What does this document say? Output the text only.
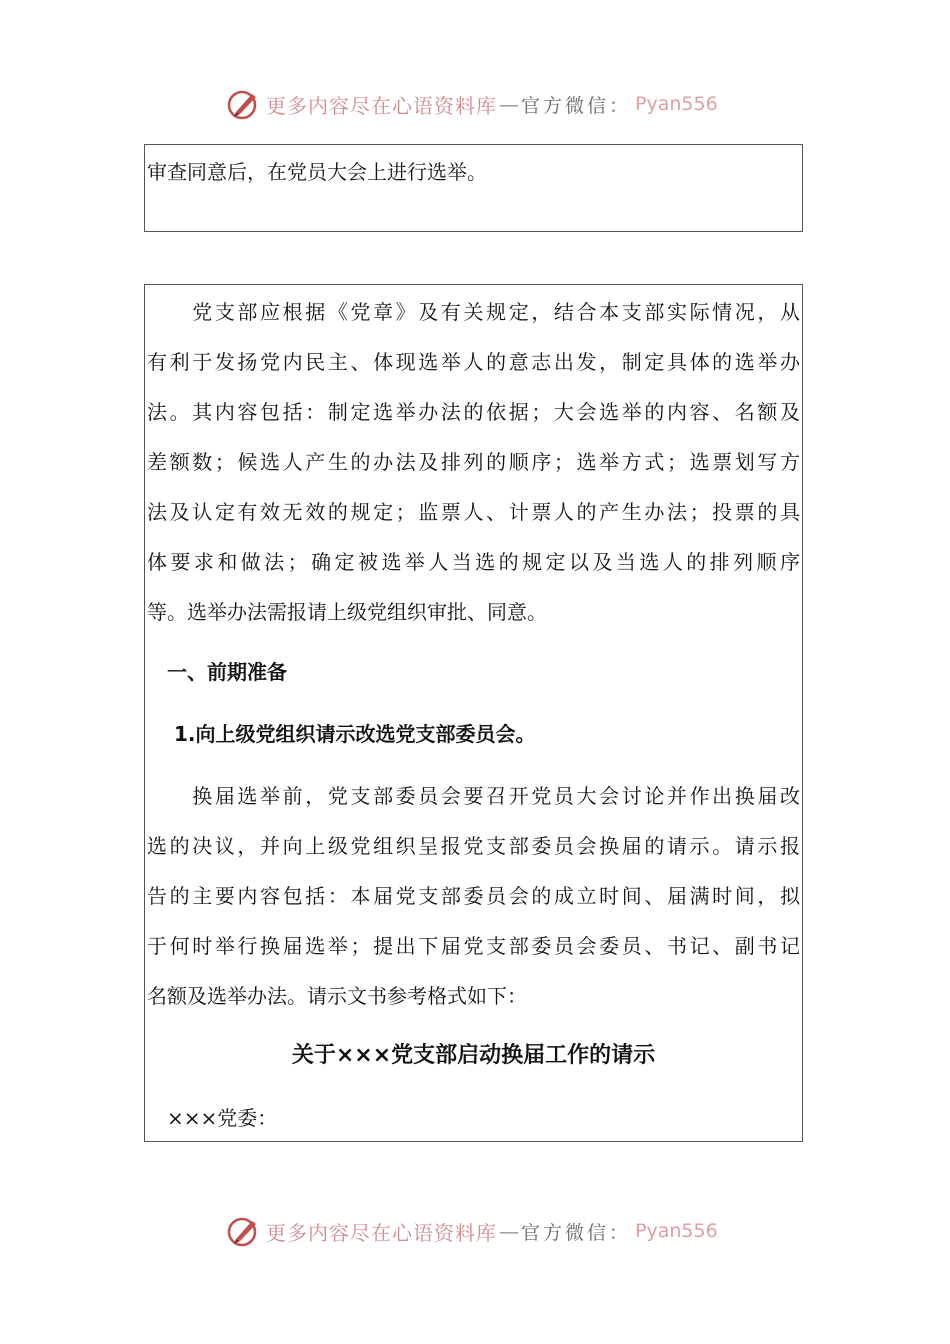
更多内容尽在心语资料库 — 官方微信： Pyan556
审查同意后，在党员大会上进行选举。
　　党支部应根据《党章》及有关规定，结合本支部实际情况，从
有利于发扬党内民主、体现选举人的意志出发，制定具体的选举办
法。其内容包括：制定选举办法的依据；大会选举的内容、名额及
差额数；候选人产生的办法及排列的顺序；选举方式；选票划写方
法及认定有效无效的规定；监票人、计票人的产生办法；投票的具
体要求和做法；确定被选举人当选的规定以及当选人的排列顺序
等。选举办法需报请上级党组织审批、同意。
　一、前期准备
　 1.向上级党组织请示改选党支部委员会。
　　换届选举前，党支部委员会要召开党员大会讨论并作出换届改
选的决议，并向上级党组织呈报党支部委员会换届的请示。请示报
告的主要内容包括：本届党支部委员会的成立时间、届满时间，拟
于何时举行换届选举；提出下届党支部委员会委员、书记、副书记
名额及选举办法。请示文书参考格式如下：
关于×××党支部启动换届工作的请示
　×××党委：
更多内容尽在心语资料库 — 官方微信： Pyan556
